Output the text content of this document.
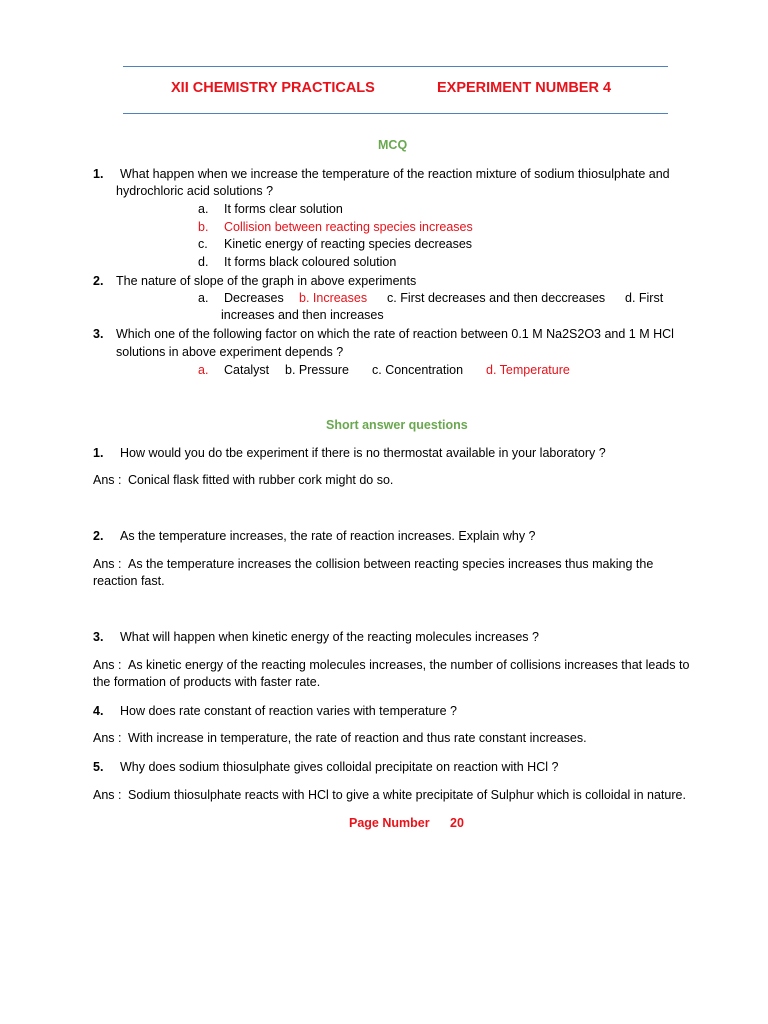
XII CHEMISTRY PRACTICALS	EXPERIMENT NUMBER 4
MCQ
1. What happen when we increase the temperature of the reaction mixture of sodium thiosulphate and
hydrochloric acid solutions ?
a. It forms clear solution
b. Collision between reacting species increases
c. Kinetic energy of reacting species decreases
d. It forms black coloured solution
2. The nature of slope of the graph in above experiments
a. Decreases b. Increases c. First decreases and then deccreases d. First
increases and then increases
3. Which one of the following factor on which the rate of reaction between 0.1 M Na2S2O3 and 1 M HCl
solutions in above experiment depends ?
a. Catalyst b. Pressure c. Concentration d. Temperature
Short answer questions
1. How would you do tbe experiment if there is no thermostat available in your laboratory ?
Ans : Conical flask fitted with rubber cork might do so.
2. As the temperature increases, the rate of reaction increases. Explain why ?
Ans : As the temperature increases the collision between reacting species increases thus making the
reaction fast.
3. What will happen when kinetic energy of the reacting molecules increases ?
Ans : As kinetic energy of the reacting molecules increases, the number of collisions increases that leads to
the formation of products with faster rate.
4. How does rate constant of reaction varies with temperature ?
Ans : With increase in temperature, the rate of reaction and thus rate constant increases.
5. Why does sodium thiosulphate gives colloidal precipitate on reaction with HCl ?
Ans : Sodium thiosulphate reacts with HCl to give a white precipitate of Sulphur which is colloidal in nature.
Page Number 20
